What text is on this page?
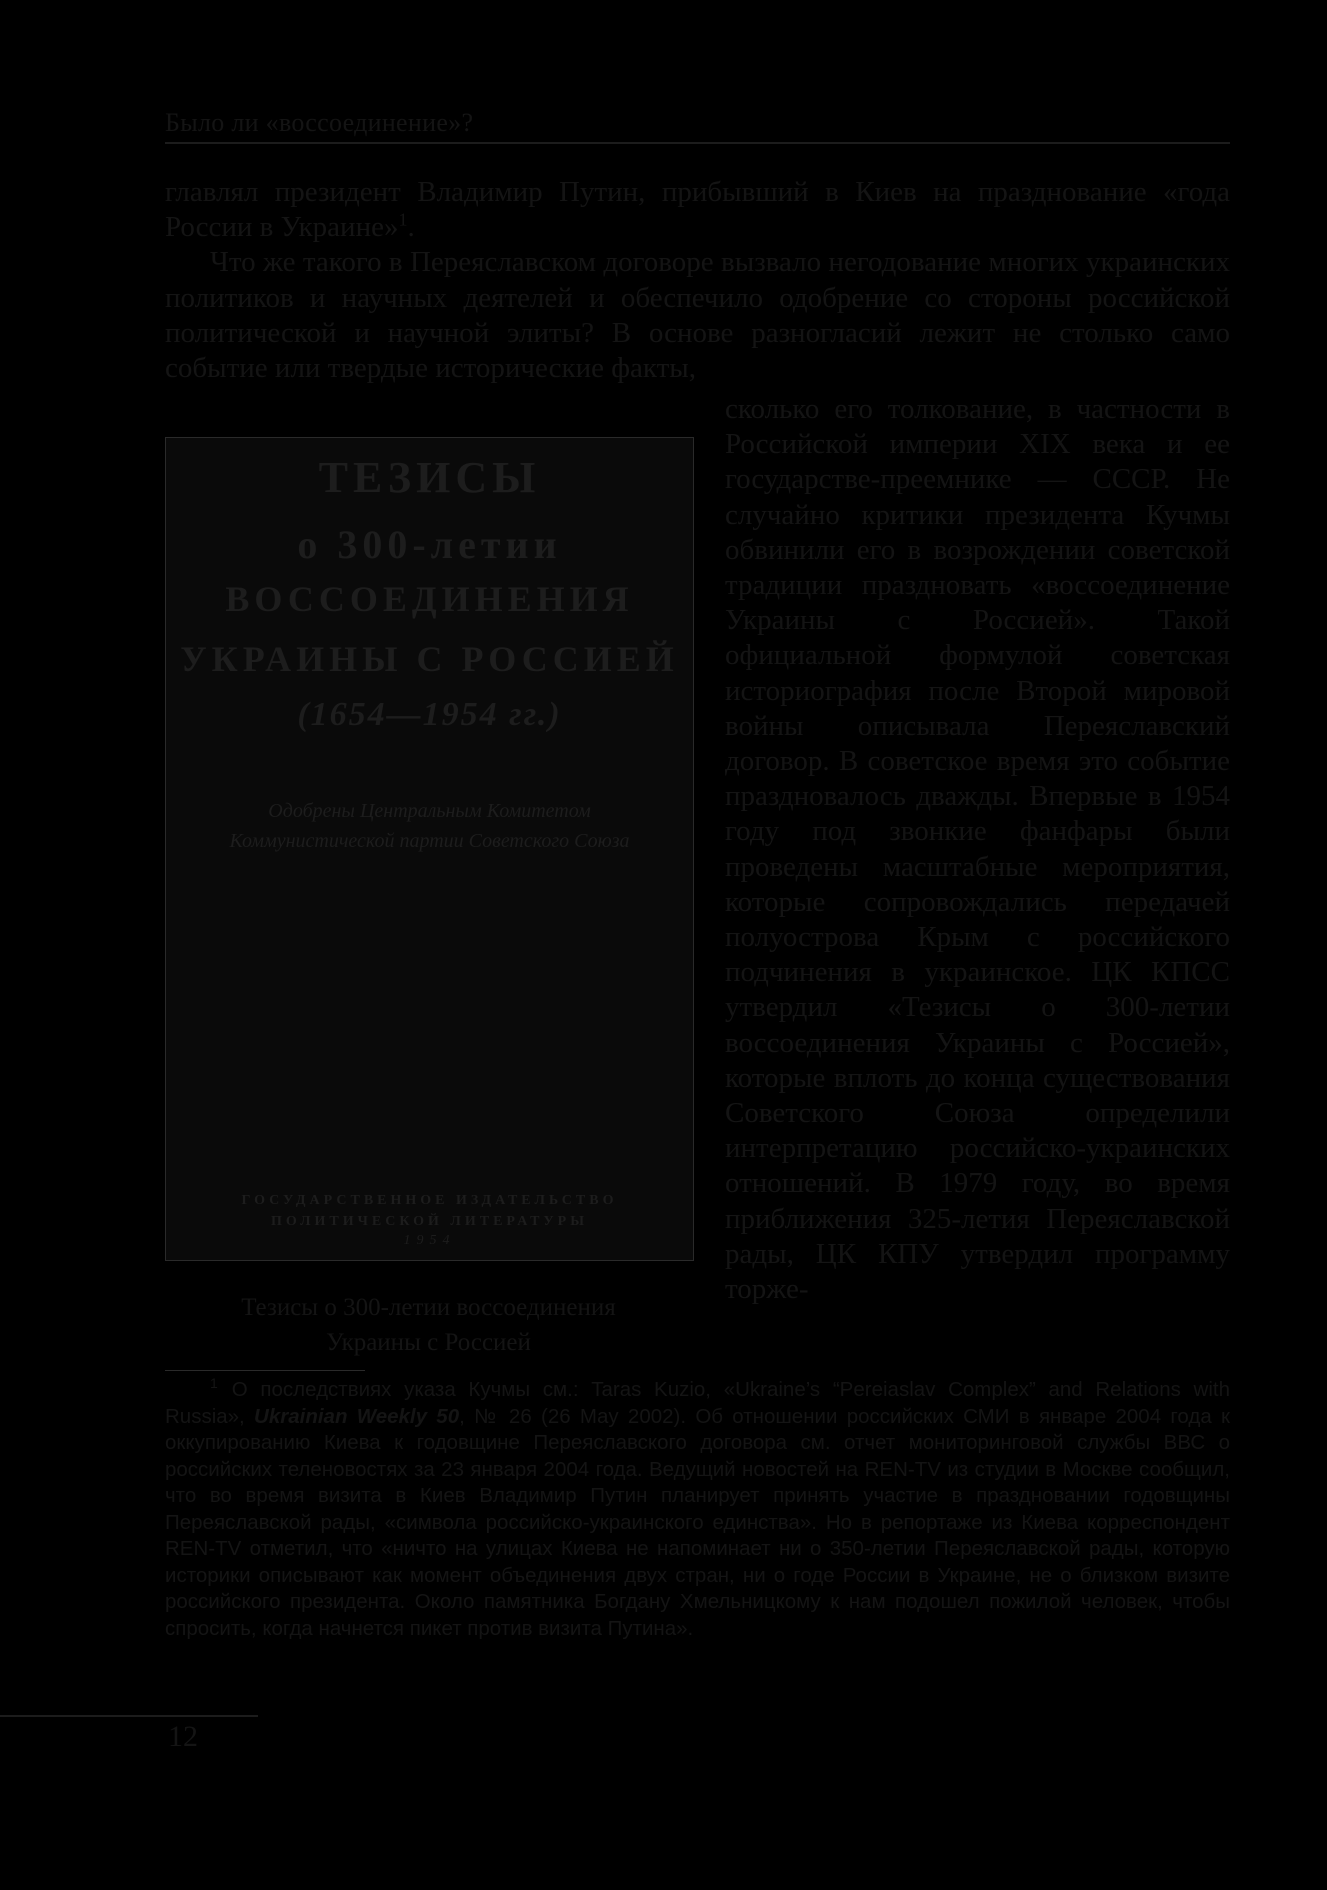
Было ли «воссоединение»?

главлял президент Владимир Путин, прибывший в Киев на празднование «года России в Украине»$^1$.

Что же такого в Переяславском договоре вызвало негодование многих украинских политиков и научных деятелей и обеспечило одобрение со стороны российской политической и научной элиты? В основе разногласий лежит не столько само событие или твердые исторические факты,

ТЕЗИСЫ
о 300-летии
ВОССОЕДИНЕНИЯ
УКРАИНЫ С РОССИЕЙ
(1654—1954 гг.)
Одобрены Центральным Комитетом
Коммунистической партии Советского Союза
ГОСУДАРСТВЕННОЕ ИЗДАТЕЛЬСТВО
ПОЛИТИЧЕСКОЙ ЛИТЕРАТУРЫ
1954
Тезисы о 300-летии воссоединения
Украины с Россией

сколько его толкование, в частности в Российской империи XIX века и ее государстве-преемнике — СССР. Не случайно критики президента Кучмы обвинили его в возрождении советской традиции праздновать «воссоединение Украины с Россией». Такой официальной формулой советская историография после Второй мировой войны описывала Переяславский договор. В советское время это событие праздновалось дважды. Впервые в 1954 году под звонкие фанфары были проведены масштабные мероприятия, которые сопровождались передачей полуострова Крым с российского подчинения в украинское. ЦК КПСС утвердил «Тезисы о 300-летии воссоединения Украины с Россией», которые вплоть до конца существования Советского Союза определили интерпретацию российско-украинских отношений. В 1979 году, во время приближения 325-летия Переяславской рады, ЦК КПУ утвердил программу торже-

$^1$ О последствиях указа Кучмы см.: Taras Kuzio, «Ukraine’s “Pereiaslav Complex” and Relations with Russia», Ukrainian Weekly 50, № 26 (26 May 2002). Об отношении российских СМИ в январе 2004 года к оккупированию Киева к годовщине Переяславского договора см. отчет мониторинговой службы ВВС о российских теленовостях за 23 января 2004 года. Ведущий новостей на REN-TV из студии в Москве сообщил, что во время визита в Киев Владимир Путин планирует принять участие в праздновании годовщины Переяславской рады, «символа российско-украинского единства». Но в репортаже из Киева корреспондент REN-TV отметил, что «ничто на улицах Киева не напоминает ни о 350-летии Переяславской рады, которую историки описывают как момент объединения двух стран, ни о годе России в Украине, не о близком визите российского президента. Около памятника Богдану Хмельницкому к нам подошел пожилой человек, чтобы спросить, когда начнется пикет против визита Путина».

12
